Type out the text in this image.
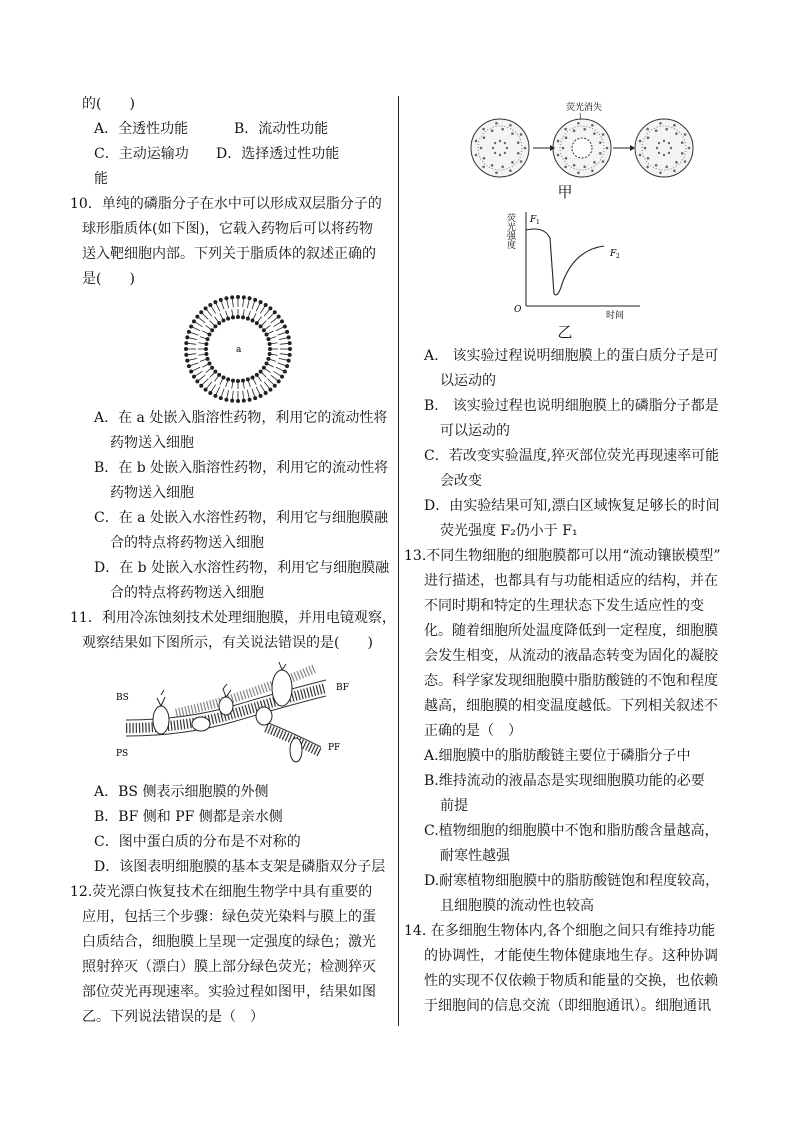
的(　　)
A．全透性功能	B．流动性功能
C．主动运输功能
D．选择透过性功能
10．单纯的磷脂分子在水中可以形成双层脂分子的
球形脂质体(如下图)，它载入药物后可以将药物
送入靶细胞内部。下列关于脂质体的叙述正确的
是(　　)
a
A．在 a 处嵌入脂溶性药物，利用它的流动性将
药物送入细胞
B．在 b 处嵌入脂溶性药物，利用它的流动性将
药物送入细胞
C．在 a 处嵌入水溶性药物，利用它与细胞膜融
合的特点将药物送入细胞
D．在 b 处嵌入水溶性药物，利用它与细胞膜融
合的特点将药物送入细胞
11．利用冷冻蚀刻技术处理细胞膜，并用电镜观察，
观察结果如下图所示，有关说法错误的是(　　)
BS
PS
BF
PF
A．BS 侧表示细胞膜的外侧
B．BF 侧和 PF 侧都是亲水侧
C．图中蛋白质的分布是不对称的
D．该图表明细胞膜的基本支架是磷脂双分子层
12.荧光漂白恢复技术在细胞生物学中具有重要的
应用，包括三个步骤：绿色荧光染料与膜上的蛋
白质结合，细胞膜上呈现一定强度的绿色；激光
照射猝灭（漂白）膜上部分绿色荧光；检测猝灭
部位荧光再现速率。实验过程如图甲，结果如图
乙。下列说法错误的是（　）
荧光消失
甲
荧光强度
时间
O
F 1
F 2
乙
A.　该实验过程说明细胞膜上的蛋白质分子是可
以运动的
B.　该实验过程也说明细胞膜上的磷脂分子都是
可以运动的
C．若改变实验温度,猝灭部位荧光再现速率可能
会改变
D．由实验结果可知,漂白区域恢复足够长的时间
荧光强度 F₂仍小于 F₁
13.不同生物细胞的细胞膜都可以用“流动镶嵌模型”
进行描述，也都具有与功能相适应的结构，并在
不同时期和特定的生理状态下发生适应性的变
化。随着细胞所处温度降低到一定程度，细胞膜
会发生相变，从流动的液晶态转变为固化的凝胶
态。科学家发现细胞膜中脂肪酸链的不饱和程度
越高，细胞膜的相变温度越低。下列相关叙述不
正确的是（　）
A.细胞膜中的脂肪酸链主要位于磷脂分子中
B.维持流动的液晶态是实现细胞膜功能的必要
前提
C.植物细胞的细胞膜中不饱和脂肪酸含量越高，
耐寒性越强
D.耐寒植物细胞膜中的脂肪酸链饱和程度较高，
且细胞膜的流动性也较高
14. 在多细胞生物体内,各个细胞之间只有维持功能
的协调性，才能使生物体健康地生存。这种协调
性的实现不仅依赖于物质和能量的交换，也依赖
于细胞间的信息交流（即细胞通讯）。细胞通讯
